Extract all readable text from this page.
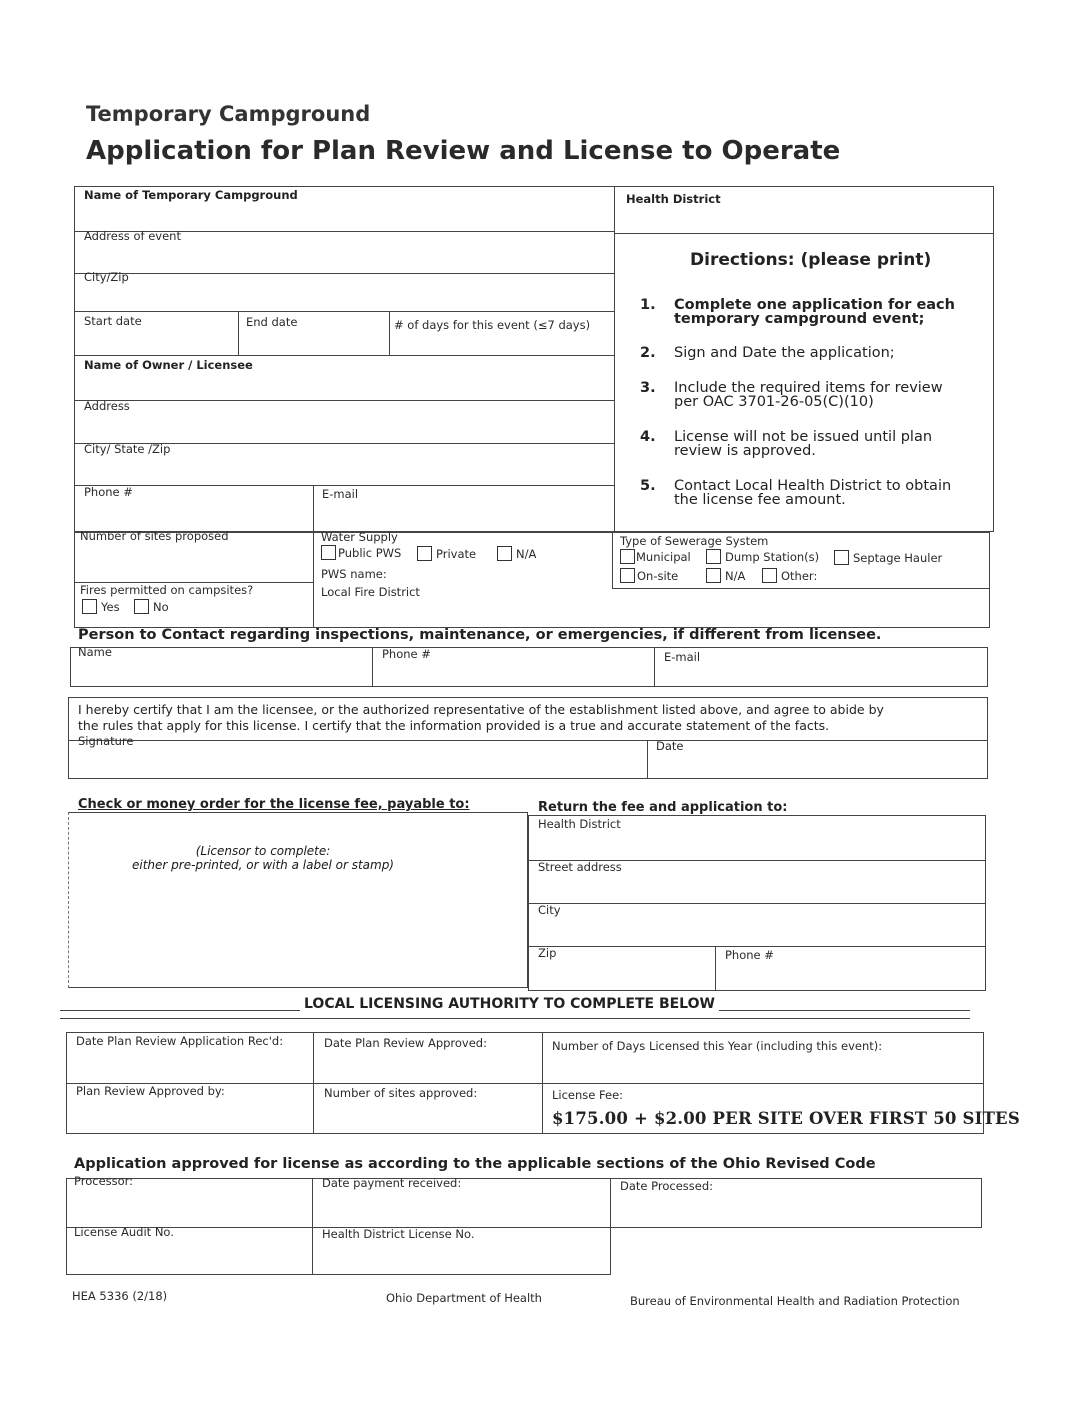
Temporary Campground
Application for Plan Review and License to Operate
Name of Temporary Campground	Health District
Address of event
City/Zip
Start date	End date	# of days for this event (≤7 days)
Name of Owner / Licensee
Address
City/ State /Zip
Phone #	E-mail
Directions: (please print)
1. Complete one application for each
temporary campground event;
2. Sign and Date the application;
3. Include the required items for review
per OAC 3701-26-05(C)(10)
4. License will not be issued until plan
review is approved.
5. Contact Local Health District to obtain
the license fee amount.
Number of sites proposed	Water Supply
Public PWS	Private	N/A
PWS name:
Type of Sewerage System
Municipal	Dump Station(s)	Septage Hauler
On-site	N/A	Other:
Fires permitted on campsites?
Yes	No
Local Fire District
Person to Contact regarding inspections, maintenance, or emergencies, if different from licensee.
Name	Phone #	E-mail
I hereby certify that I am the licensee, or the authorized representative of the establishment listed above, and agree to abide by
the rules that apply for this license. I certify that the information provided is a true and accurate statement of the facts.
Signature	Date
Check or money order for the license fee, payable to:
(Licensor to complete:
either pre-printed, or with a label or stamp)
Return the fee and application to:
Health District
Street address
City
Zip	Phone #
LOCAL LICENSING AUTHORITY TO COMPLETE BELOW
Date Plan Review Application Rec'd:	Date Plan Review Approved:	Number of Days Licensed this Year (including this event):
Plan Review Approved by:	Number of sites approved:	License Fee:
$175.00 + $2.00 PER SITE OVER FIRST 50 SITES
Application approved for license as according to the applicable sections of the Ohio Revised Code
Processor:	Date payment received:	Date Processed:
License Audit No.	Health District License No.
HEA 5336 (2/18)	Ohio Department of Health	Bureau of Environmental Health and Radiation Protection
